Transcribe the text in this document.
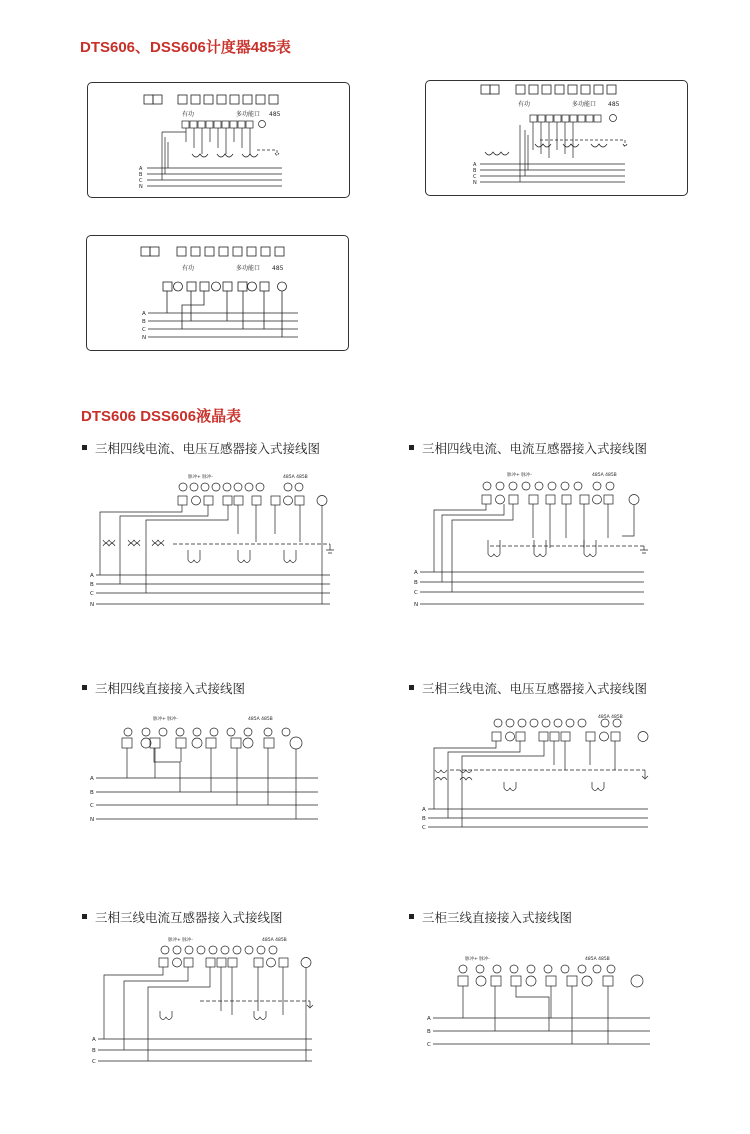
DTS606、DSS606计度器485表
有功	多功能口 485
A
B
C
N
有功	多功能口 485
A
B
C
N
有功	多功能口 485
A
B
C
N
DTS606 DSS606液晶表
三相四线电流、电压互感器接入式接线图	三相四线电流、电流互感器接入式接线图
三相四线直接接入式接线图	三相三线电流、电压互感器接入式接线图
三相三线电流互感器接入式接线图	三柜三线直接接入式接线图
脉冲+ 脉冲-	485A 485B
A
B
C
N
脉冲+ 脉冲-	485A 485B
A
B
C
N
脉冲+ 脉冲-	485A 485B
A
B
C
N
485A 485B
A
B
C
脉冲+ 脉冲-	485A 485B
A
B
C
脉冲+ 脉冲-	485A 485B
A
B
C
